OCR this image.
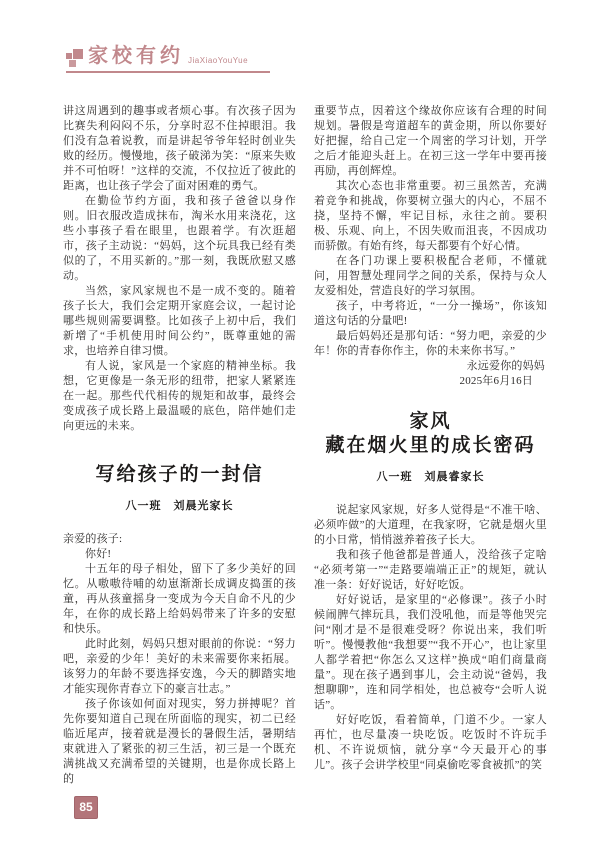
家校有约 JiaXiaoYouYue

讲这周遇到的趣事或者烦心事。有次孩子因为比赛失利闷闷不乐，分享时忍不住掉眼泪。我们没有急着说教，而是讲起爷爷年轻时创业失败的经历。慢慢地，孩子破涕为笑：“原来失败并不可怕呀！”这样的交流，不仅拉近了彼此的距离，也让孩子学会了面对困难的勇气。

在勤俭节约方面，我和孩子爸爸以身作则。旧衣服改造成抹布，淘米水用来浇花，这些小事孩子看在眼里，也跟着学。有次逛超市，孩子主动说：“妈妈，这个玩具我已经有类似的了，不用买新的。”那一刻，我既欣慰又感动。

当然，家风家规也不是一成不变的。随着孩子长大，我们会定期开家庭会议，一起讨论哪些规则需要调整。比如孩子上初中后，我们新增了“手机使用时间公约”，既尊重她的需求，也培养自律习惯。

有人说，家风是一个家庭的精神坐标。我想，它更像是一条无形的纽带，把家人紧紧连在一起。那些代代相传的规矩和故事，最终会变成孩子成长路上最温暖的底色，陪伴她们走向更远的未来。

写给孩子的一封信
八一班　刘晨光家长

亲爱的孩子:

你好!

十五年的母子相处，留下了多少美好的回忆。从嗷嗷待哺的幼崽渐渐长成调皮捣蛋的孩童，再从孩童摇身一变成为今天自命不凡的少年，在你的成长路上给妈妈带来了许多的安慰和快乐。

此时此刻，妈妈只想对眼前的你说：“努力吧，亲爱的少年！美好的未来需要你来拓展。该努力的年龄不要选择安逸，今天的脚踏实地才能实现你青春立下的豪言壮志。”

孩子你该如何面对现实，努力拼搏呢？首先你要知道自己现在所面临的现实，初二已经临近尾声，接着就是漫长的暑假生活，暑期结束就进入了紧张的初三生活，初三是一个既充满挑战又充满希望的关键期，也是你成长路上的

重要节点，因着这个缘故你应该有合理的时间规划。暑假是弯道超车的黄金期，所以你要好好把握，给自己定一个周密的学习计划，开学之后才能迎头赶上。在初三这一学年中要再接再励，再创辉煌。

其次心态也非常重要。初三虽然苦，充满着竞争和挑战，你要树立强大的内心，不屈不挠，坚持不懈，牢记目标，永往之前。要积极、乐观、向上，不因失败而沮丧，不因成功而骄傲。有始有终，每天都要有个好心情。

在各门功课上要积极配合老师，不懂就问，用智慧处理同学之间的关系，保持与众人友爱相处，营造良好的学习氛围。

孩子，中考将近，“一分一操场”，你该知道这句话的分量吧!

最后妈妈还是那句话：“努力吧，亲爱的少年！你的青春你作主，你的未来你书写。”

永远爱你的妈妈

2025年6月16日

家风
藏在烟火里的成长密码
八一班　刘晨睿家长

说起家风家规，好多人觉得是“不准干啥、必须咋做”的大道理，在我家呀，它就是烟火里的小日常，悄悄滋养着孩子长大。

我和孩子他爸都是普通人，没给孩子定啥“必须考第一”“走路要端端正正”的规矩，就认准一条：好好说话，好好吃饭。

好好说话，是家里的“必修课”。孩子小时候闹脾气摔玩具，我们没吼他，而是等他哭完问“刚才是不是很难受呀？你说出来，我们听听”。慢慢教他“我想要”“我不开心”，也让家里人都学着把“你怎么又这样”换成“咱们商量商量”。现在孩子遇到事儿，会主动说“爸妈，我想聊聊”，连和同学相处，也总被夸“会听人说话”。

好好吃饭，看着简单，门道不少。一家人再忙，也尽量凑一块吃饭。吃饭时不许玩手机、不许说烦恼，就分享“今天最开心的事儿”。孩子会讲学校里“同桌偷吃零食被抓”的笑

85
